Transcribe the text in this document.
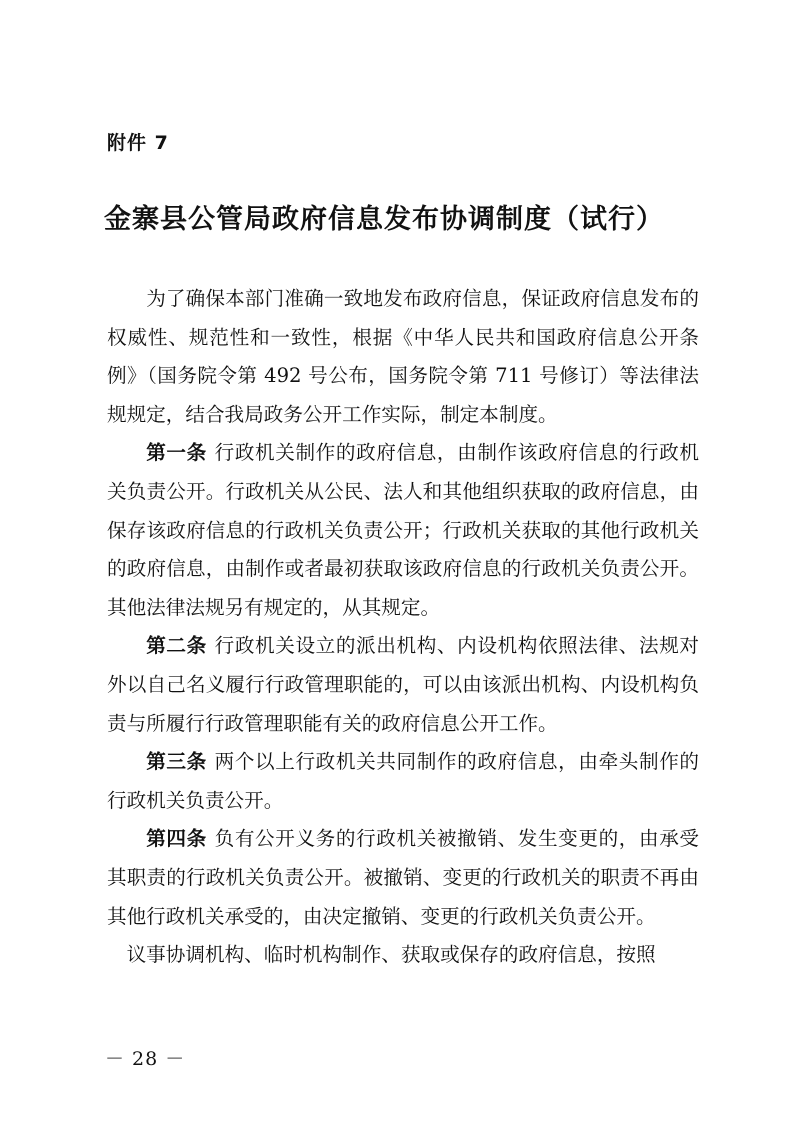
附件 7
金寨县公管局政府信息发布协调制度（试行）

为了确保本部门准确一致地发布政府信息，保证政府信息发布的权威性、规范性和一致性，根据《中华人民共和国政府信息公开条例》（国务院令第 492 号公布，国务院令第 711 号修订）等法律法规规定，结合我局政务公开工作实际，制定本制度。

第一条 行政机关制作的政府信息，由制作该政府信息的行政机关负责公开。行政机关从公民、法人和其他组织获取的政府信息，由保存该政府信息的行政机关负责公开；行政机关获取的其他行政机关的政府信息，由制作或者最初获取该政府信息的行政机关负责公开。其他法律法规另有规定的，从其规定。

第二条 行政机关设立的派出机构、内设机构依照法律、法规对外以自己名义履行行政管理职能的，可以由该派出机构、内设机构负责与所履行行政管理职能有关的政府信息公开工作。

第三条 两个以上行政机关共同制作的政府信息，由牵头制作的行政机关负责公开。

第四条 负有公开义务的行政机关被撤销、发生变更的，由承受其职责的行政机关负责公开。被撤销、变更的行政机关的职责不再由其他行政机关承受的，由决定撤销、变更的行政机关负责公开。

议事协调机构、临时机构制作、获取或保存的政府信息，按照

－ 28 －
